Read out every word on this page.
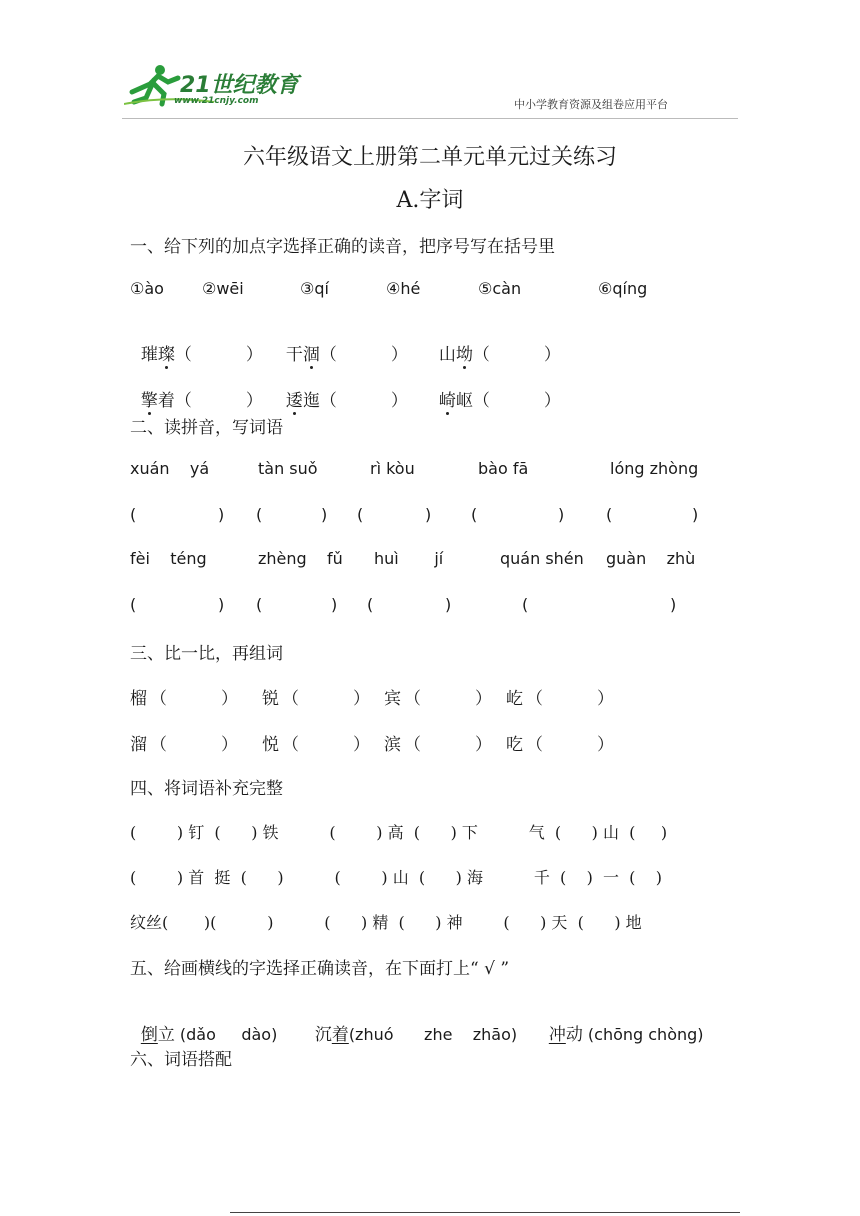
21世纪教育
www.21cnjy.com	中小学教育资源及组卷应用平台
六年级语文上册第二单元单元过关练习
A.字词
一、给下列的加点字选择正确的读音，把序号写在括号里
①ào ②wēi	③qí	④hé	⑤càn	⑥qíng

璀璨（          ）	干涸（          ）	山坳（          ）

擎着（          ）	逶迤（          ）	崎岖（          ）

二、读拼音，写词语
xuán    yá	tàn suǒ	rì kòu	bào fā	lóng zhòng
(	) (	) (	) (	)	(	)
fèi    téng	zhèng    fǔ huì       jí	quán shén guàn    zhù
(	) (	) (	)	(	)
三、比一比，再组词
榴 （          ） 锐 （          ） 宾 （          ） 屹 （          ）
溜 （          ） 悦 （          ） 滨 （          ） 吃 （          ）
四、将词语补充完整
(        ) 钉  (      ) 铁          (        ) 高  (      ) 下          气  (      ) 山  (     )
(        ) 首  挺  (      )          (        ) 山  (      ) 海          千  (    )  一  (    )
纹丝(       )(          )          (      ) 精  (      ) 神        (      ) 天  (      ) 地
五、给画横线的字选择正确读音，在下面打上“ √ ”

倒立 (dǎo     dào)	沉着(zhuó      zhe    zhāo)	冲动 (chōng chòng)

六、词语搭配
